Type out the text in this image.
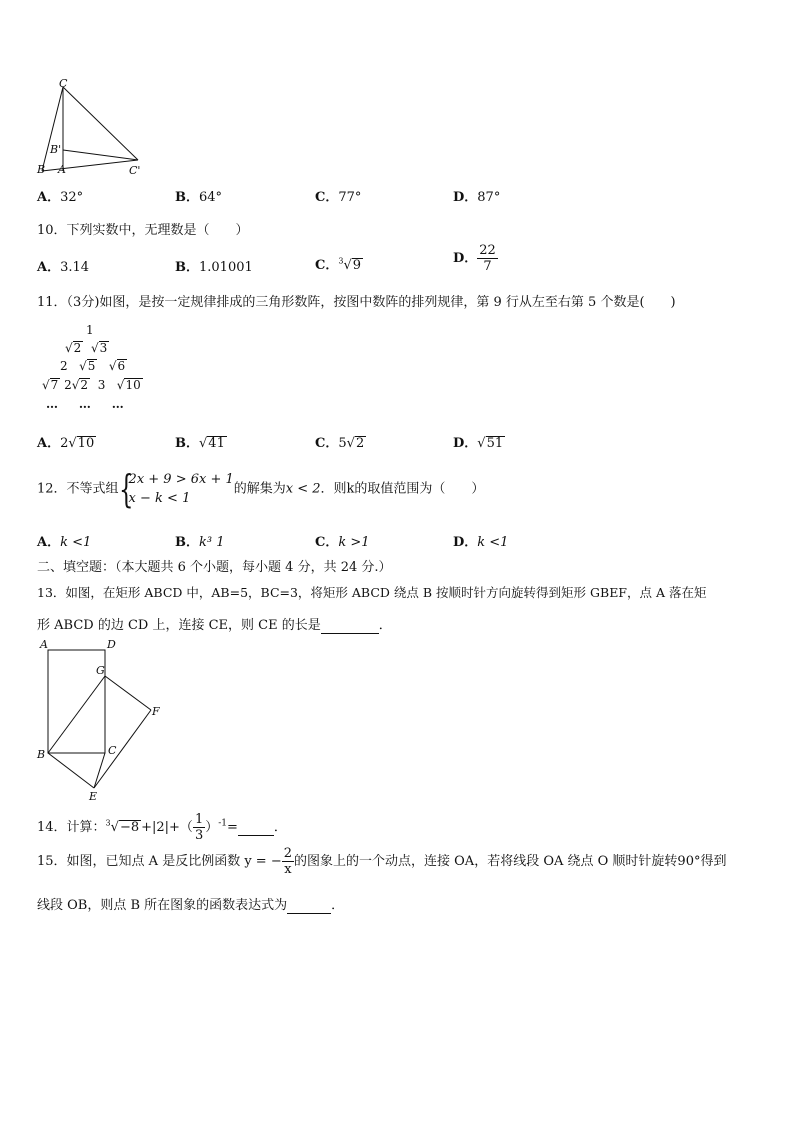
C
B'
B A	C'
A．32°	B．64°	C．77°	D．87°
10．下列实数中，无理数是（　　）
A．3.14	B．1.01001	C．$^3$√9	D． $\frac{22}{7}$
11．（3分)如图，是按一定规律排成的三角形数阵，按图中数阵的排列规律，第 9 行从左至右第 5 个数是(　　)
1
√2 √3
2 √5 √6
√7 2√2 3 √10
… … …
A．2√10	B．√41	C．5√2	D．√51
12．不等式组 {
2x + 9 > 6x + 1
x − k < 1
的解集为x < 2．则k的取值范围为（　　）
A．k <1	B．k³ 1	C．k >1	D．k <1
二、填空题：（本大题共 6 个小题，每小题 4 分，共 24 分.）
13．如图，在矩形 ABCD 中，AB=5，BC=3，将矩形 ABCD 绕点 B 按顺时针方向旋转得到矩形 GBEF，点 A 落在矩
形 ABCD 的边 CD 上，连接 CE，则 CE 的长是	．
A	D
G
F
B	C
E
14．计算：$^3√-8 +|2|+( \frac{1}{3} )^{-1}=$	．
15．如图，已知点 A 是反比例函数 y = − $\frac{2}{x}$ 的图象上的一个动点，连接 OA，若将线段 OA 绕点 O 顺时针旋转90°得到
线段 OB，则点 B 所在图象的函数表达式为	．
